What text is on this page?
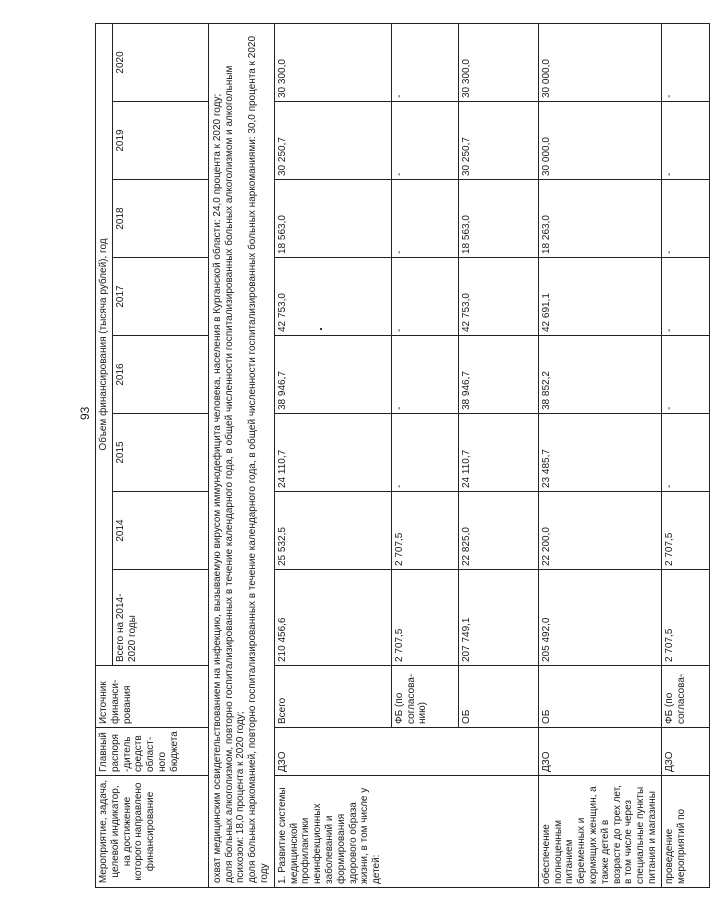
93
Мероприятие, задача, целевой индикатор, на достижение которого направлено финансирование	Главный распоря-дитель средств област-ного бюджета	Источник финанси-рования	Объем финансирования (тысяча рублей), год							
			Всего на 2014-2020 годы	2014	2015	2016	2017	2018	2019	2020

охват медицинским освидетельствованием на инфекцию, вызываемую вирусом иммунодефицита человека, населения в Курганской области: 24,0 процента к 2020 году; доля больных алкоголизмом, повторно госпитализированных в течение календарного года, в общей численности госпитализированных больных алкоголизмом и алкогольным психозом: 18,0 процента к 2020 году; доля больных наркоманией, повторно госпитализированных в течение календарного года, в общей численности госпитализированных больных наркоманиями: 30,0 процента к 2020 году										

1. Развитие системы медицинской профилактики неинфекционных заболеваний и формирования здорового образа жизни, в том числе у детей:	ДЗО	Всего	210 456,6	25 532,5	24 110,7	38 946,7	42 753,0	18 563,0	30 250,7	30 300,0
		ФБ (по согласова-нию)	2 707,5	2 707,5	-	-	-	-	-	-
		ОБ	207 749,1	22 825,0	24 110,7	38 946,7	42 753,0	18 563,0	30 250,7	30 300,0
обеспечение полноценным питанием беременных и кормящих женщин, а также детей в возрасте до трех лет, в том числе через специальные пункты питания и магазины	ДЗО	ОБ	205 492,0	22 200,0	23 485,7	38 852,2	42 691,1	18 263,0	30 000,0	30 000,0
проведение мероприятий по	ДЗО	ФБ (по согласова-	2 707,5	2 707,5	-	-	-	-	-	-
